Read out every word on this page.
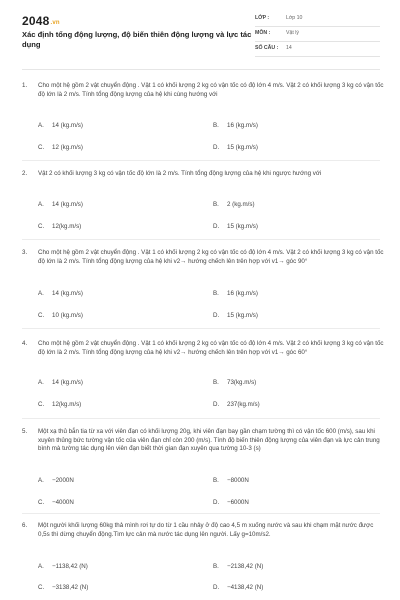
2048.vn
Xác định tổng động lượng, độ biến thiên động lượng và lực tác dụng
LỚP :	Lớp 10
MÔN :	Vật lý
SỐ CÂU : 14
1. Cho một hệ gồm 2 vật chuyển động . Vật 1 có khối lượng 2 kg có vận tốc có độ lớn 4 m/s. Vật 2 có khối lượng 3 kg có vận tốc độ lớn là 2 m/s. Tính tổng động lượng của hệ khi cùng hướng với
A. 14 (kg.m/s)	B. 16 (kg.m/s)
C. 12 (kg.m/s)	D. 15 (kg.m/s)
2. Vật 2 có khối lượng 3 kg có vận tốc độ lớn là 2 m/s. Tính tổng động lượng của hệ khi ngược hướng với
A. 14 (kg.m/s)	B. 2 (kg.m/s)
C. 12(kg.m/s)	D. 15 (kg.m/s)
3. Cho một hệ gồm 2 vật chuyển động . Vật 1 có khối lượng 2 kg có vận tốc có độ lớn 4 m/s. Vật 2 có khối lượng 3 kg có vận tốc độ lớn là 2 m/s. Tính tổng động lượng của hệ khi v2→ hướng chếch lên trên hợp với v1→ góc 90°
A. 14 (kg.m/s)	B. 16 (kg.m/s)
C. 10 (kg.m/s)	D. 15 (kg.m/s)
4. Cho một hệ gồm 2 vật chuyển động . Vật 1 có khối lượng 2 kg có vận tốc có độ lớn 4 m/s. Vật 2 có khối lượng 3 kg có vận tốc độ lớn là 2 m/s. Tính tổng động lượng của hệ khi v2→ hướng chếch lên trên hợp với v1→ góc 60°
A. 14 (kg.m/s)	B. 73(kg.m/s)
C. 12(kg.m/s)	D. 237(kg.m/s)
5. Một xạ thủ bắn tia từ xa với viên đạn có khối lượng 20g, khi viên đạn bay gần chạm tường thì có vận tốc 600 (m/s), sau khi xuyên thủng bức tường vận tốc của viên đạn chỉ còn 200 (m/s). Tính độ biến thiên động lượng của viên đạn và lực cản trung bình mà tường tác dụng lên viên đạn biết thời gian đạn xuyên qua tường 10-3 (s)
A. −2000N	B. −8000N
C. −4000N	D. −6000N
6. Một người khối lượng 60kg thả mình rơi tự do từ 1 cầu nhảy ở độ cao 4,5 m xuống nước và sau khi chạm mặt nước được 0,5s thì dừng chuyển động.Tìm lực cản mà nước tác dụng lên người. Lấy g=10m/s2.
A. −1138,42 (N)	B. −2138,42 (N)
C. −3138,42 (N)	D. −4138,42 (N)
